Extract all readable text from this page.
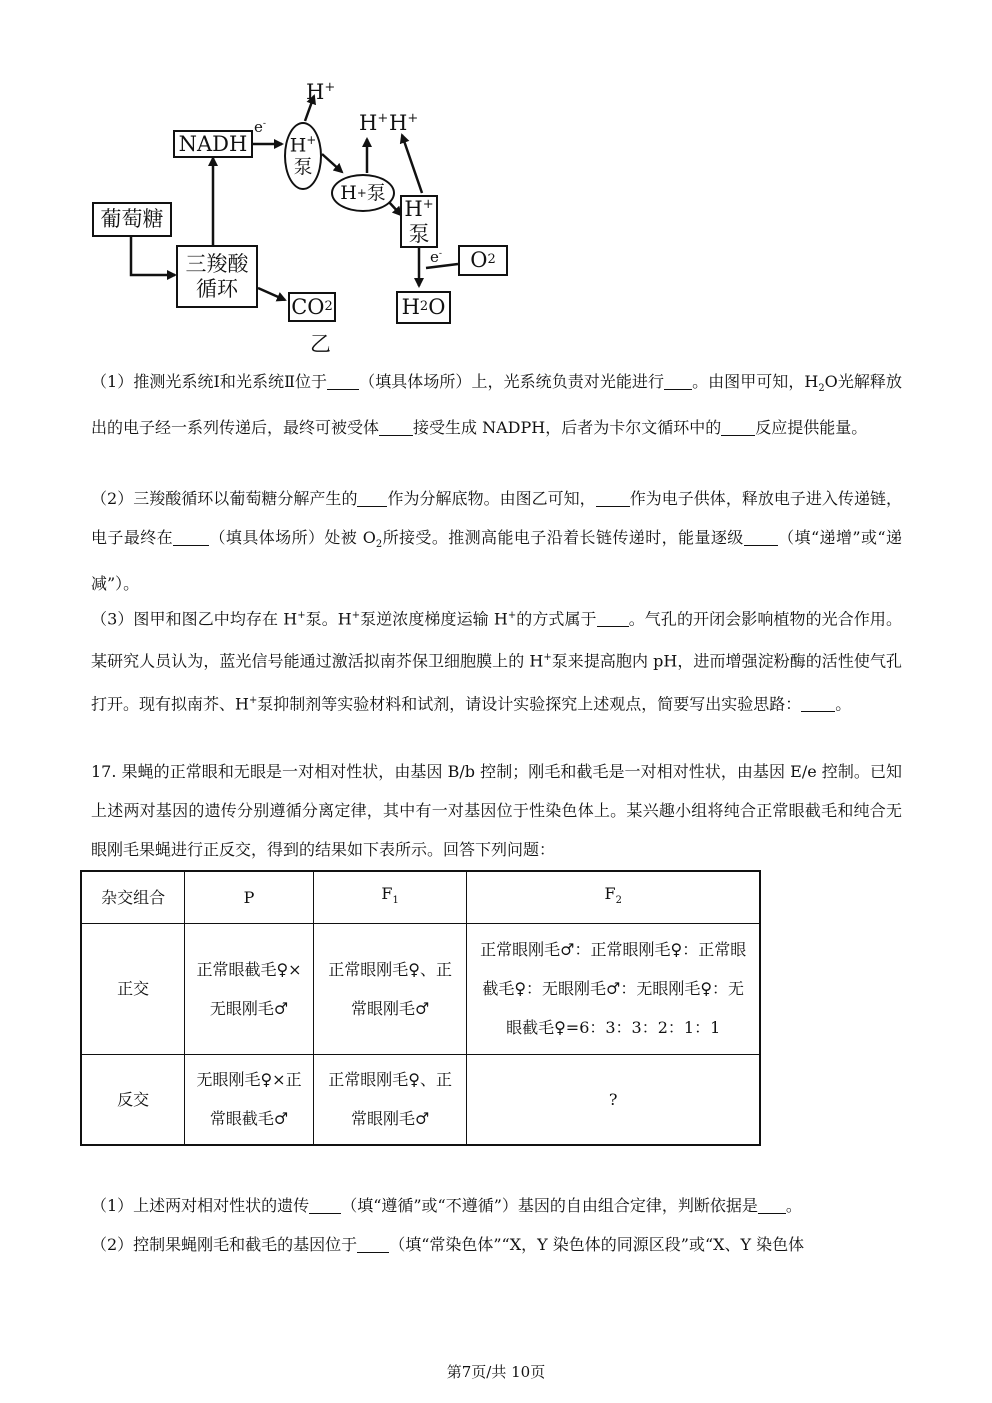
H+
H+ H+
e-
e-
NADH
葡萄糖
三羧酸
循环
CO 2	H 2 O
O 2
H+
泵
H+
泵
H + 泵
乙
（1）推测光系统Ⅰ和光系统Ⅱ位于 （填具体场所）上，光系统负责对光能进行 。由图甲可知，$H_2O$光解释放出的电子经一系列传递后，最终可被受体 接受生成 NADPH，后者为卡尔文循环中的 反应提供能量。
（2）三羧酸循环以葡萄糖分解产生的 作为分解底物。由图乙可知， 作为电子供体，释放电子进入传递链，电子最终在 （填具体场所）处被 $O_2$所接受。推测高能电子沿着长链传递时，能量逐级 （填“递增”或“递减”）。
（3）图甲和图乙中均存在 H+泵。H+泵逆浓度梯度运输 H+的方式属于 。气孔的开闭会影响植物的光合作用。某研究人员认为，蓝光信号能通过激活拟南芥保卫细胞膜上的 H+泵来提高胞内 pH，进而增强淀粉酶的活性使气孔打开。现有拟南芥、H+泵抑制剂等实验材料和试剂，请设计实验探究上述观点，简要写出实验思路： 。
17. 果蝇的正常眼和无眼是一对相对性状，由基因 B/b 控制；刚毛和截毛是一对相对性状，由基因 E/e 控制。已知上述两对基因的遗传分别遵循分离定律，其中有一对基因位于性染色体上。某兴趣小组将纯合正常眼截毛和纯合无眼刚毛果蝇进行正反交，得到的结果如下表所示。回答下列问题：
杂交组合	P	$F_1$	$F_2$
正交	正常眼截毛♀×无眼刚毛♂	正常眼刚毛♀、正常眼刚毛♂	正常眼刚毛♂：正常眼刚毛♀：正常眼截毛♀：无眼刚毛♂：无眼刚毛♀：无眼截毛♀=6：3：3：2：1：1
反交	无眼刚毛♀×正常眼截毛♂	正常眼刚毛♀、正常眼刚毛♂	?
（1）上述两对相对性状的遗传 （填“遵循”或“不遵循”）基因的自由组合定律，判断依据是 。
（2）控制果蝇刚毛和截毛的基因位于 （填“常染色体”“X，Y 染色体的同源区段”或“X、Y 染色体
第7页/共 10页
